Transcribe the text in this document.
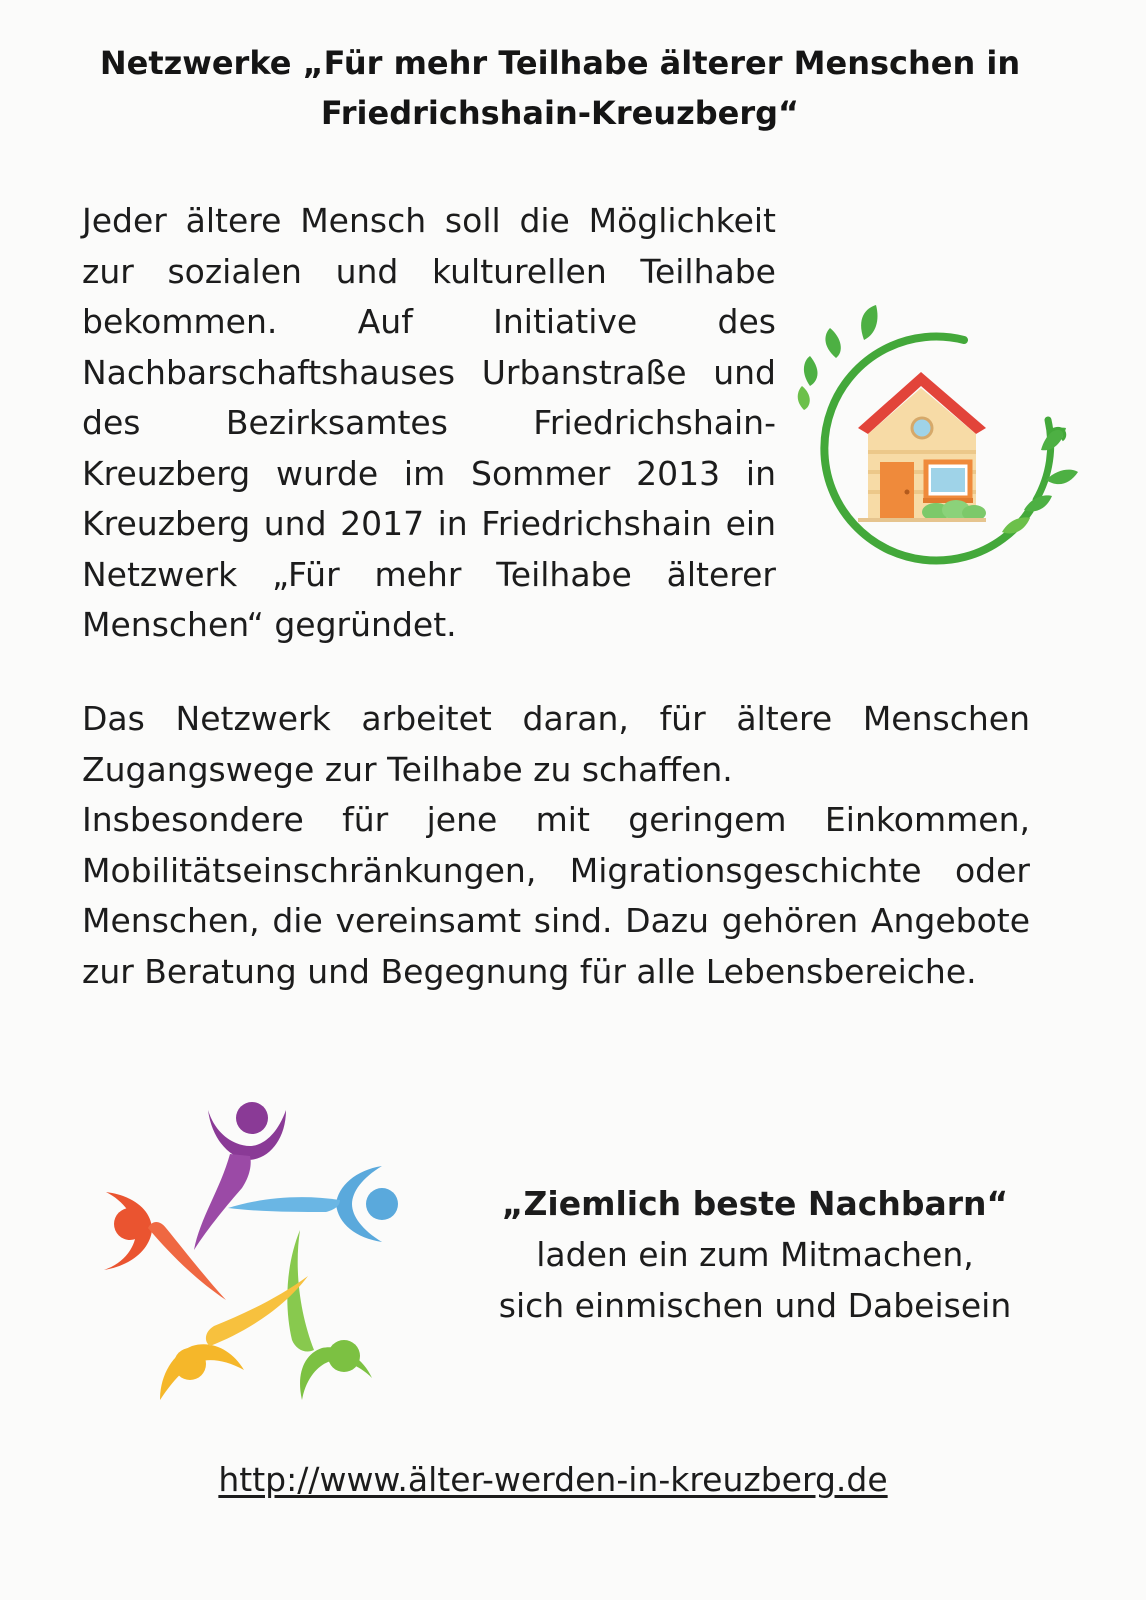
Netzwerke „Für mehr Teilhabe älterer Menschen in
Friedrichshain-Kreuzberg“
Jeder ältere Mensch soll die Möglichkeit zur sozialen und kulturellen Teilhabe bekommen. Auf Initiative des Nachbarschaftshauses Urbanstraße und des Bezirksamtes Friedrichshain-Kreuzberg wurde im Sommer 2013 in Kreuzberg und 2017 in Friedrichshain ein Netzwerk „Für mehr Teilhabe älterer Menschen“ gegründet.

Das Netzwerk arbeitet daran, für ältere Menschen Zugangswege zur Teilhabe zu schaffen.

Insbesondere für jene mit geringem Einkommen, Mobilitätseinschränkungen, Migrationsgeschichte oder Menschen, die vereinsamt sind. Dazu gehören Angebote zur Beratung und Begegnung für alle Lebensbereiche.

„Ziemlich beste Nachbarn“
laden ein zum Mitmachen,
sich einmischen und Dabeisein
http://www.älter-werden-in-kreuzberg.de
